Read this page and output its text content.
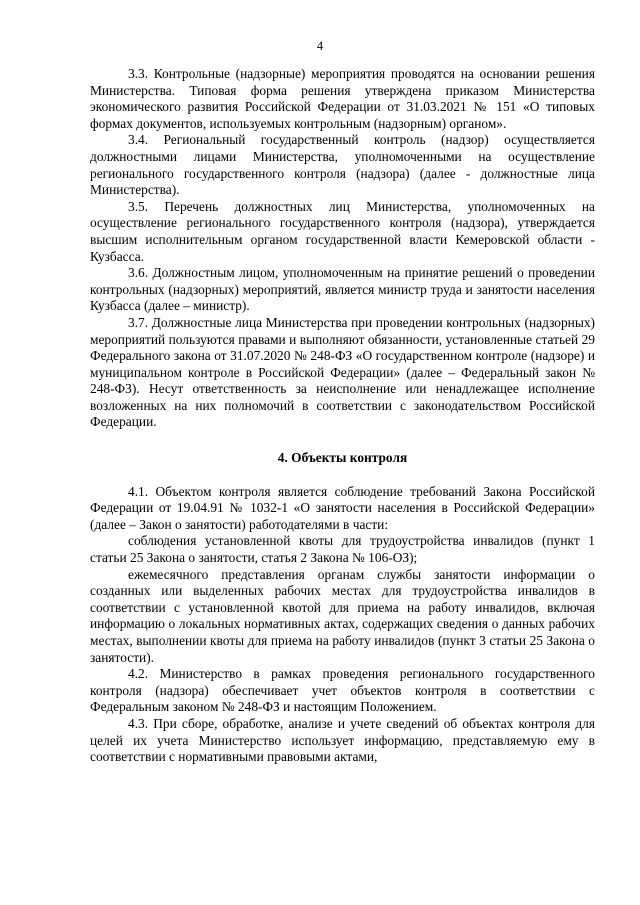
4

3.3. Контрольные (надзорные) мероприятия проводятся на основании решения Министерства. Типовая форма решения утверждена приказом Министерства экономического развития Российской Федерации от 31.03.2021 № 151 «О типовых формах документов, используемых контрольным (надзорным) органом».

3.4. Региональный государственный контроль (надзор) осуществляется должностными лицами Министерства, уполномоченными на осуществление регионального государственного контроля (надзора) (далее - должностные лица Министерства).

3.5. Перечень должностных лиц Министерства, уполномоченных на осуществление регионального государственного контроля (надзора), утверждается высшим исполнительным органом государственной власти Кемеровской области - Кузбасса.

3.6. Должностным лицом, уполномоченным на принятие решений о проведении контрольных (надзорных) мероприятий, является министр труда и занятости населения Кузбасса (далее – министр).

3.7. Должностные лица Министерства при проведении контрольных (надзорных) мероприятий пользуются правами и выполняют обязанности, установленные статьей 29 Федерального закона от 31.07.2020 № 248-ФЗ «О государственном контроле (надзоре) и муниципальном контроле в Российской Федерации» (далее – Федеральный закон № 248-ФЗ). Несут ответственность за неисполнение или ненадлежащее исполнение возложенных на них полномочий в соответствии с законодательством Российской Федерации.

4. Объекты контроля

4.1. Объектом контроля является соблюдение требований Закона Российской Федерации от 19.04.91 № 1032-1 «О занятости населения в Российской Федерации» (далее – Закон о занятости) работодателями в части:

соблюдения установленной квоты для трудоустройства инвалидов (пункт 1 статьи 25 Закона о занятости, статья 2 Закона № 106-ОЗ);

ежемесячного представления органам службы занятости информации о созданных или выделенных рабочих местах для трудоустройства инвалидов в соответствии с установленной квотой для приема на работу инвалидов, включая информацию о локальных нормативных актах, содержащих сведения о данных рабочих местах, выполнении квоты для приема на работу инвалидов (пункт 3 статьи 25 Закона о занятости).

4.2. Министерство в рамках проведения регионального государственного контроля (надзора) обеспечивает учет объектов контроля в соответствии с Федеральным законом № 248-ФЗ и настоящим Положением.

4.3. При сборе, обработке, анализе и учете сведений об объектах контроля для целей их учета Министерство использует информацию, представляемую ему в соответствии с нормативными правовыми актами,
